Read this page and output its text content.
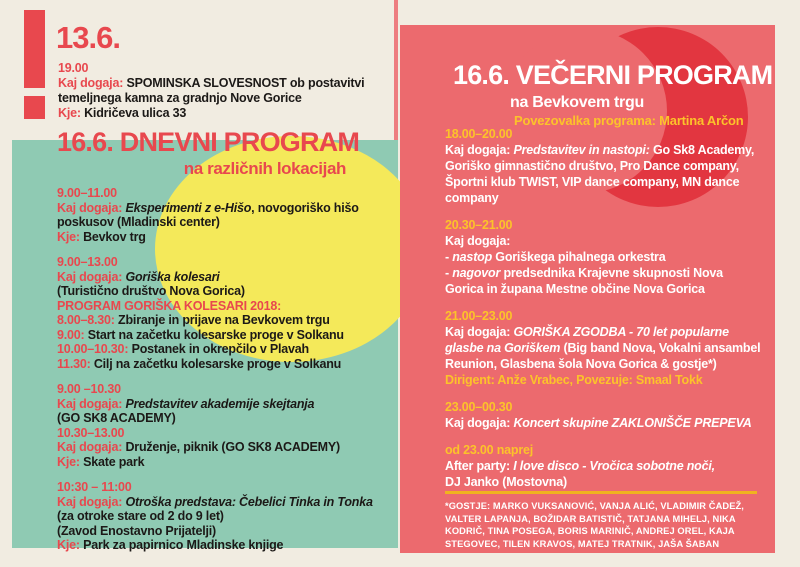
13.6.
19.00
Kaj dogaja: SPOMINSKA SLOVESNOST ob postavitvi temeljnega kamna za gradnjo Nove Gorice
Kje: Kidričeva ulica 33
16.6. DNEVNI PROGRAM
na različnih lokacijah
9.00–11.00
Kaj dogaja: Eksperimenti z e-Hišo, novogoriško hišo poskusov (Mladinski center)
Kje: Bevkov trg
9.00–13.00
Kaj dogaja: Goriška kolesari
(Turistično društvo Nova Gorica)
PROGRAM GORIŠKA KOLESARI 2018:
8.00–8.30: Zbiranje in prijave na Bevkovem trgu
9.00: Start na začetku kolesarske proge v Solkanu
10.00–10.30: Postanek in okrepčilo v Plavah
11.30: Cilj na začetku kolesarske proge v Solkanu
9.00 –10.30
Kaj dogaja: Predstavitev akademije skejtanja
(GO SK8 ACADEMY)
10.30–13.00
Kaj dogaja: Druženje, piknik (GO SK8 ACADEMY)
Kje: Skate park
10:30 – 11:00
Kaj dogaja: Otroška predstava: Čebelici Tinka in Tonka
(za otroke stare od 2 do 9 let)
(Zavod Enostavno Prijatelji)
Kje: Park za papirnico Mladinske knjige
16.6. VEČERNI PROGRAM
na Bevkovem trgu
Povezovalka programa: Martina Arčon
18.00–20.00
Kaj dogaja: Predstavitev in nastopi: Go Sk8 Academy, Goriško gimnastično društvo, Pro Dance company, Športni klub TWIST, VIP dance company, MN dance company
20.30–21.00
Kaj dogaja:
- nastop Goriškega pihalnega orkestra
- nagovor predsednika Krajevne skupnosti Nova Gorica in župana Mestne občine Nova Gorica
21.00–23.00
Kaj dogaja: GORIŠKA ZGODBA - 70 let popularne glasbe na Goriškem (Big band Nova, Vokalni ansambel Reunion, Glasbena šola Nova Gorica & gostje*)
Dirigent: Anže Vrabec, Povezuje: Smaal Tokk
23.00–00.30
Kaj dogaja: Koncert skupine ZAKLONIŠČE PREPEVA
od 23.00 naprej
After party: I love disco - Vročica sobotne noči,
DJ Janko (Mostovna)
*GOSTJE: MARKO VUKSANOVIĆ, VANJA ALIĆ, VLADIMIR ČADEŽ, VALTER LAPANJA, BOŽIDAR BATISTIČ, TATJANA MIHELJ, NIKA KODRIČ, TINA POSEGA, BORIS MARINIČ, ANDREJ OREL, KAJA STEGOVEC, TILEN KRAVOS, MATEJ TRATNIK, JAŠA ŠABAN
